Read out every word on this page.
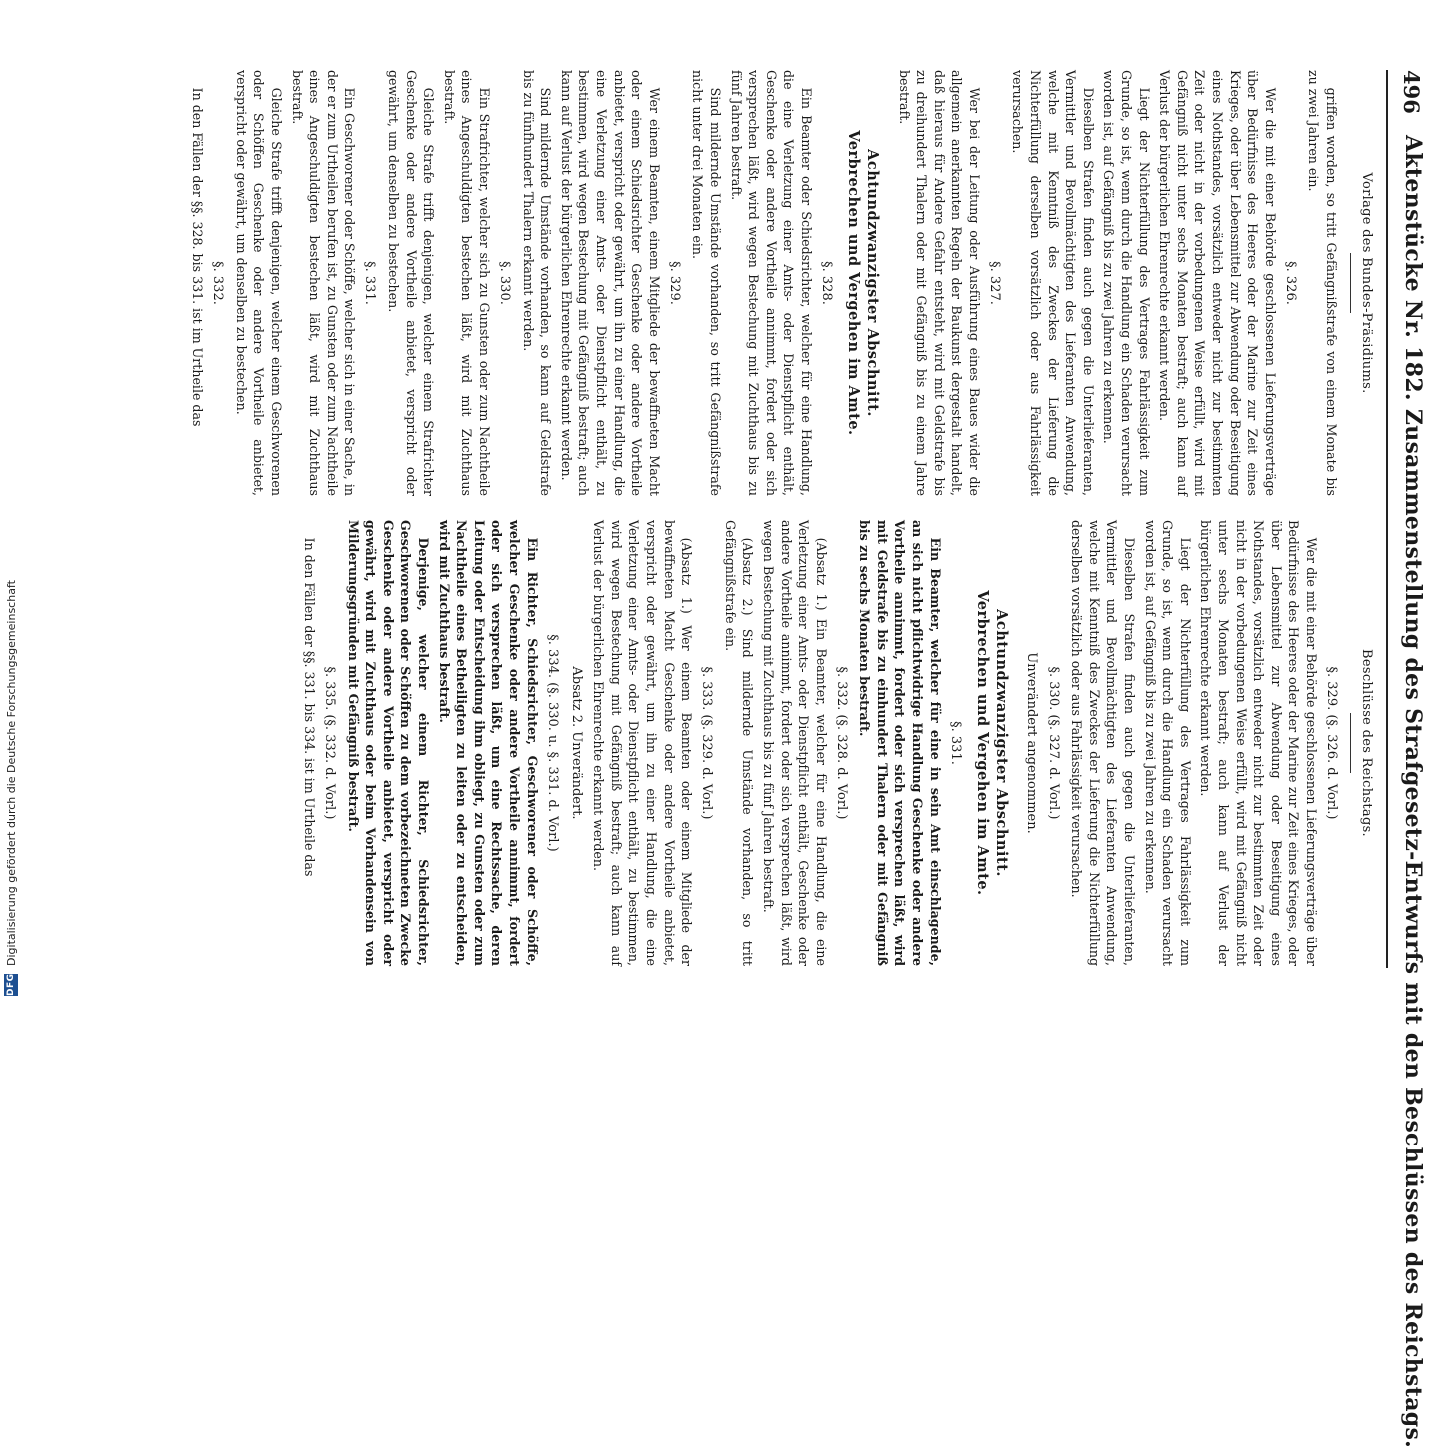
496
Aktenstücke Nr. 182. Zusammenstellung des Strafgesetz-Entwurfs mit den Beschlüssen des Reichstags.
Vorlage des Bundes-Präsidiums.

griffen worden, so tritt Gefängnißstrafe von einem Monate bis zu zwei Jahren ein.

§. 326.

Wer die mit einer Behörde geschlossenen Lieferungsverträge über Bedürfnisse des Heeres oder der Marine zur Zeit eines Krieges, oder über Lebensmittel zur Abwendung oder Beseitigung eines Nothstandes, vorsätzlich entweder nicht zur bestimmten Zeit oder nicht in der vorbedungenen Weise erfüllt, wird mit Gefängniß nicht unter sechs Monaten bestraft; auch kann auf Verlust der bürgerlichen Ehrenrechte erkannt werden.

Liegt der Nichterfüllung des Vertrages Fahrlässigkeit zum Grunde, so ist, wenn durch die Handlung ein Schaden verursacht worden ist, auf Gefängniß bis zu zwei Jahren zu erkennen.

Dieselben Strafen finden auch gegen die Unterlieferanten, Vermittler und Bevollmächtigten des Lieferanten Anwendung, welche mit Kenntniß des Zweckes der Lieferung die Nichterfüllung derselben vorsätzlich oder aus Fahrlässigkeit verursachen.

§. 327.

Wer bei der Leitung oder Ausführung eines Baues wider die allgemein anerkannten Regeln der Baukunst dergestalt handelt, daß hieraus für Andere Gefahr entsteht, wird mit Geldstrafe bis zu dreihundert Thalern oder mit Gefängniß bis zu einem Jahre bestraft.

Achtundzwanzigster Abschnitt.
Verbrechen und Vergehen im Amte.
§. 328.

Ein Beamter oder Schiedsrichter, welcher für eine Handlung, die eine Verletzung einer Amts- oder Dienstpflicht enthält, Geschenke oder andere Vortheile annimmt, fordert oder sich versprechen läßt, wird wegen Bestechung mit Zuchthaus bis zu fünf Jahren bestraft.

Sind mildernde Umstände vorhanden, so tritt Gefängnißstrafe nicht unter drei Monaten ein.

§. 329.

Wer einem Beamten, einem Mitgliede der bewaffneten Macht oder einem Schiedsrichter Geschenke oder andere Vortheile anbietet, verspricht oder gewährt, um ihn zu einer Handlung, die eine Verletzung einer Amts- oder Dienstpflicht enthält, zu bestimmen, wird wegen Bestechung mit Gefängniß bestraft; auch kann auf Verlust der bürgerlichen Ehrenrechte erkannt werden.

Sind mildernde Umstände vorhanden, so kann auf Geldstrafe bis zu fünfhundert Thalern erkannt werden.

§. 330.

Ein Strafrichter, welcher sich zu Gunsten oder zum Nachtheile eines Angeschuldigten bestechen läßt, wird mit Zuchthaus bestraft.

Gleiche Strafe trifft denjenigen, welcher einem Strafrichter Geschenke oder andere Vortheile anbietet, verspricht oder gewährt, um denselben zu bestechen.

§. 331.

Ein Geschworener oder Schöffe, welcher sich in einer Sache, in der er zum Urtheilen berufen ist, zu Gunsten oder zum Nachtheile eines Angeschuldigten bestechen läßt, wird mit Zuchthaus bestraft.

Gleiche Strafe trifft denjenigen, welcher einem Geschworenen oder Schöffen Geschenke oder andere Vortheile anbietet, verspricht oder gewährt, um denselben zu bestechen.

§. 332.

In den Fällen der §§. 328. bis 331. ist im Urtheile das

Beschlüsse des Reichstags.
§. 329. (§. 326. d. Vorl.)

Wer die mit einer Behörde geschlossenen Lieferungsverträge über Bedürfnisse des Heeres oder der Marine zur Zeit eines Krieges, oder über Lebensmittel zur Abwendung oder Beseitigung eines Nothstandes, vorsätzlich entweder nicht zur bestimmten Zeit oder nicht in der vorbedungenen Weise erfüllt, wird mit Gefängniß nicht unter sechs Monaten bestraft; auch kann auf Verlust der bürgerlichen Ehrenrechte erkannt werden.

Liegt der Nichterfüllung des Vertrages Fahrlässigkeit zum Grunde, so ist, wenn durch die Handlung ein Schaden verursacht worden ist, auf Gefängniß bis zu zwei Jahren zu erkennen.

Dieselben Strafen finden auch gegen die Unterlieferanten, Vermittler und Bevollmächtigten des Lieferanten Anwendung, welche mit Kenntniß des Zweckes der Lieferung die Nichterfüllung derselben vorsätzlich oder aus Fahrlässigkeit verursachen.

§. 330. (§. 327. d. Vorl.)
Unverändert angenommen.
Achtundzwanzigster Abschnitt.
Verbrechen und Vergehen im Amte.
§. 331.

Ein Beamter, welcher für eine in sein Amt einschlagende, an sich nicht pflichtwidrige Handlung Geschenke oder andere Vortheile annimmt, fordert oder sich versprechen läßt, wird mit Geldstrafe bis zu einhundert Thalern oder mit Gefängniß bis zu sechs Monaten bestraft.

§. 332. (§. 328. d. Vorl.)

(Absatz 1.) Ein Beamter, welcher für eine Handlung, die eine Verletzung einer Amts- oder Dienstpflicht enthält, Geschenke oder andere Vortheile annimmt, fordert oder sich versprechen läßt, wird wegen Bestechung mit Zuchthaus bis zu fünf Jahren bestraft.

(Absatz 2.) Sind mildernde Umstände vorhanden, so tritt Gefängnißstrafe ein.

§. 333. (§. 329. d. Vorl.)

(Absatz 1.) Wer einem Beamten oder einem Mitgliede der bewaffneten Macht Geschenke oder andere Vortheile anbietet, verspricht oder gewährt, um ihn zu einer Handlung, die eine Verletzung einer Amts- oder Dienstpflicht enthält, zu bestimmen, wird wegen Bestechung mit Gefängniß bestraft; auch kann auf Verlust der bürgerlichen Ehrenrechte erkannt werden.

Absatz 2. Unverändert.
§. 334. (§. 330. u. §. 331. d. Vorl.)

Ein Richter, Schiedsrichter, Geschworener oder Schöffe, welcher Geschenke oder andere Vortheile annimmt, fordert oder sich versprechen läßt, um eine Rechtssache, deren Leitung oder Entscheidung ihm obliegt, zu Gunsten oder zum Nachtheile eines Betheiligten zu leiten oder zu entscheiden, wird mit Zuchthaus bestraft.

Derjenige, welcher einem Richter, Schiedsrichter, Geschworenen oder Schöffen zu dem vorbezeichneten Zwecke Geschenke oder andere Vortheile anbietet, verspricht oder gewährt, wird mit Zuchthaus oder beim Vorhandensein von Milderungsgründen mit Gefängniß bestraft.

§. 335. (§. 332. d. Vorl.)

In den Fällen der §§. 331. bis 334. ist im Urtheile das

DFG
Digitalisierung gefördert durch die Deutsche Forschungsgemeinschaft
